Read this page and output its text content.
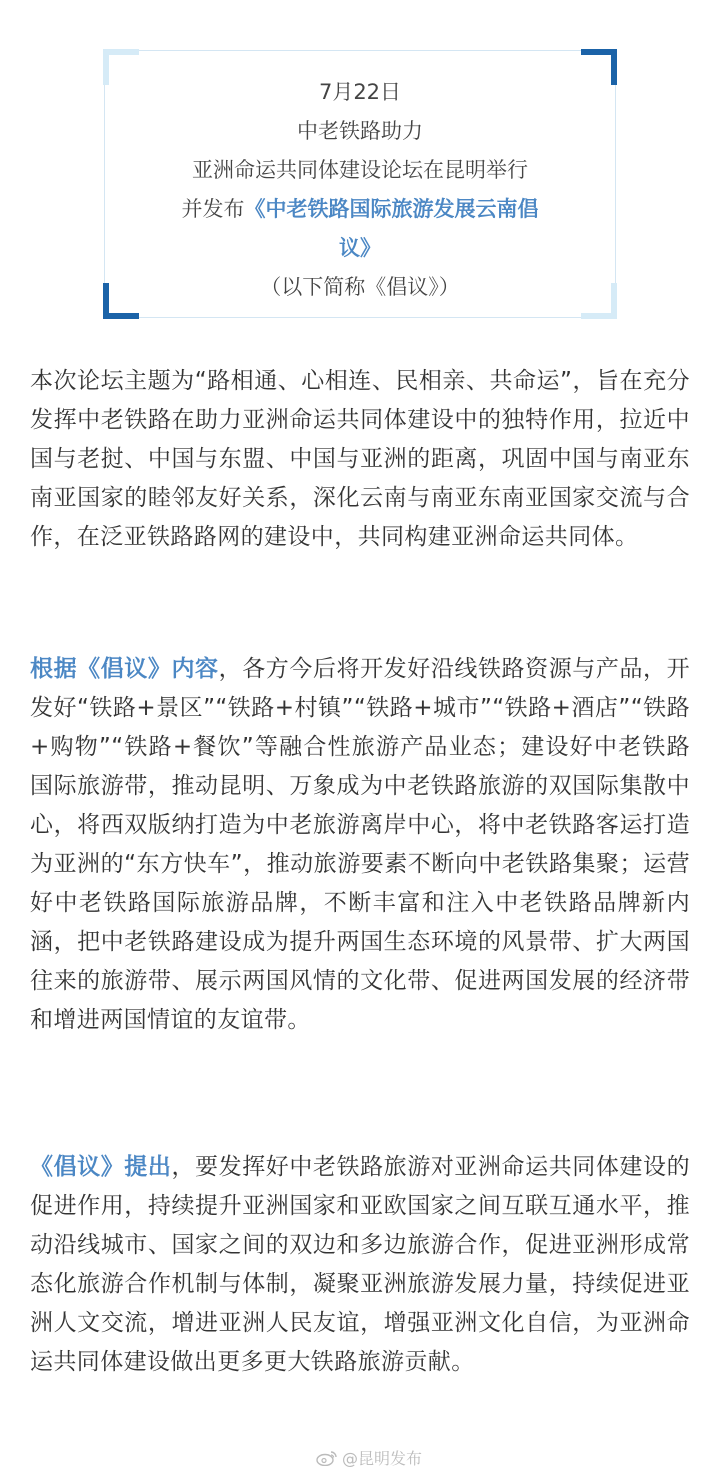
7月22日
中老铁路助力
亚洲命运共同体建设论坛在昆明举行
并发布《中老铁路国际旅游发展云南倡
议》
（以下简称《倡议》）

本次论坛主题为“路相通、心相连、民相亲、共命运”，旨在充分发挥中老铁路在助力亚洲命运共同体建设中的独特作用，拉近中国与老挝、中国与东盟、中国与亚洲的距离，巩固中国与南亚东南亚国家的睦邻友好关系，深化云南与南亚东南亚国家交流与合作，在泛亚铁路路网的建设中，共同构建亚洲命运共同体。

根据《倡议》内容，各方今后将开发好沿线铁路资源与产品，开发好“铁路+景区”“铁路+村镇”“铁路+城市”“铁路+酒店”“铁路+购物”“铁路+餐饮”等融合性旅游产品业态；建设好中老铁路国际旅游带，推动昆明、万象成为中老铁路旅游的双国际集散中心，将西双版纳打造为中老旅游离岸中心，将中老铁路客运打造为亚洲的“东方快车”，推动旅游要素不断向中老铁路集聚；运营好中老铁路国际旅游品牌，不断丰富和注入中老铁路品牌新内涵，把中老铁路建设成为提升两国生态环境的风景带、扩大两国往来的旅游带、展示两国风情的文化带、促进两国发展的经济带和增进两国情谊的友谊带。

《倡议》提出，要发挥好中老铁路旅游对亚洲命运共同体建设的促进作用，持续提升亚洲国家和亚欧国家之间互联互通水平，推动沿线城市、国家之间的双边和多边旅游合作，促进亚洲形成常态化旅游合作机制与体制，凝聚亚洲旅游发展力量，持续促进亚洲人文交流，增进亚洲人民友谊，增强亚洲文化自信，为亚洲命运共同体建设做出更多更大铁路旅游贡献。

@昆明发布
